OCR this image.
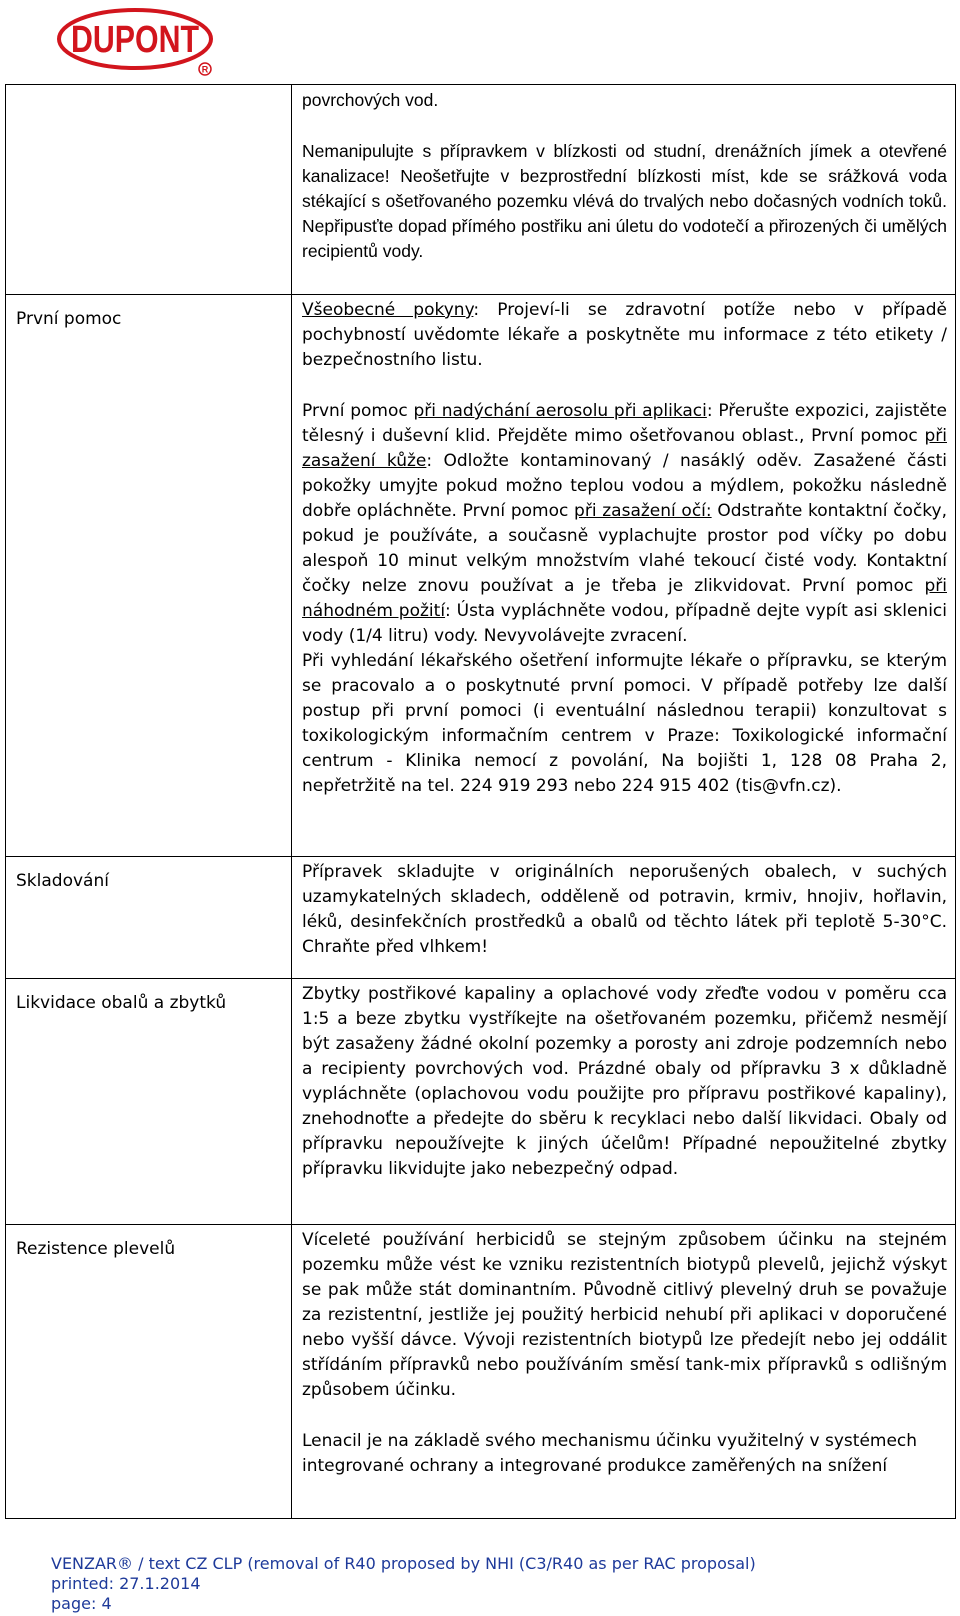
DUPONT
R

	povrchových vod.

Nemanipulujte s přípravkem v blízkosti od studní, drenážních jímek a otevřené kanalizace! Neošetřujte v bezprostřední blízkosti míst, kde se srážková voda stékající s ošetřovaného pozemku vlévá do trvalých nebo dočasných vodních toků. Nepřipusťte dopad přímého postřiku ani úletu do vodotečí a přirozených či umělých recipientů vody.

První pomoc	Všeobecné pokyny: Projeví-li se zdravotní potíže nebo v případě pochybností uvědomte lékaře a poskytněte mu informace z této etikety / bezpečnostního listu.

První pomoc při nadýchání aerosolu při aplikaci: Přerušte expozici, zajistěte tělesný i duševní klid. Přejděte mimo ošetřovanou oblast., První pomoc při zasažení kůže: Odložte kontaminovaný / nasáklý oděv. Zasažené části pokožky umyjte pokud možno teplou vodou a mýdlem, pokožku následně dobře opláchněte. První pomoc při zasažení očí: Odstraňte kontaktní čočky, pokud je používáte, a současně vyplachujte prostor pod víčky po dobu alespoň 10 minut velkým množstvím vlahé tekoucí čisté vody. Kontaktní čočky nelze znovu používat a je třeba je zlikvidovat. První pomoc při náhodném požití: Ústa vypláchněte vodou, případně dejte vypít asi sklenici vody (1/4 litru) vody. Nevyvolávejte zvracení.

Při vyhledání lékařského ošetření informujte lékaře o přípravku, se kterým se pracovalo a o poskytnuté první pomoci. V případě potřeby lze další postup při první pomoci (i eventuální následnou terapii) konzultovat s toxikologickým informačním centrem v Praze: Toxikologické informační centrum - Klinika nemocí z povolání, Na bojišti 1, 128 08 Praha 2, nepřetržitě na tel. 224 919 293 nebo 224 915 402 (tis@vfn.cz).

Skladování	Přípravek skladujte v originálních neporušených obalech, v suchých uzamykatelných skladech, odděleně od potravin, krmiv, hnojiv, hořlavin, léků, desinfekčních prostředků a obalů od těchto látek při teplotě 5-30°C. Chraňte před vlhkem!

Likvidace obalů a zbytků	Zbytky postřikové kapaliny a oplachové vody zřeďte vodou v poměru cca 1:5 a beze zbytku vystříkejte na ošetřovaném pozemku, přičemž nesmějí být zasaženy žádné okolní pozemky a porosty ani zdroje podzemních nebo a recipienty povrchových vod. Prázdné obaly od přípravku 3 x důkladně vypláchněte (oplachovou vodu použijte pro přípravu postřikové kapaliny), znehodnoťte a předejte do sběru k recyklaci nebo další likvidaci. Obaly od přípravku nepoužívejte k jiných účelům! Případné nepoužitelné zbytky přípravku likvidujte jako nebezpečný odpad.

Rezistence plevelů	Víceleté používání herbicidů se stejným způsobem účinku na stejném pozemku může vést ke vzniku rezistentních biotypů plevelů, jejichž výskyt se pak může stát dominantním. Původně citlivý plevelný druh se považuje za rezistentní, jestliže jej použitý herbicid nehubí při aplikaci v doporučené nebo vyšší dávce. Vývoji rezistentních biotypů lze předejít nebo jej oddálit střídáním přípravků nebo používáním směsí tank-mix přípravků s odlišným způsobem účinku.

Lenacil je na základě svého mechanismu účinku využitelný v systémech

integrované ochrany a integrované produkce zaměřených na snížení

VENZAR® / text CZ CLP (removal of R40 proposed by NHI (C3/R40 as per RAC proposal)
printed: 27.1.2014
page: 4
